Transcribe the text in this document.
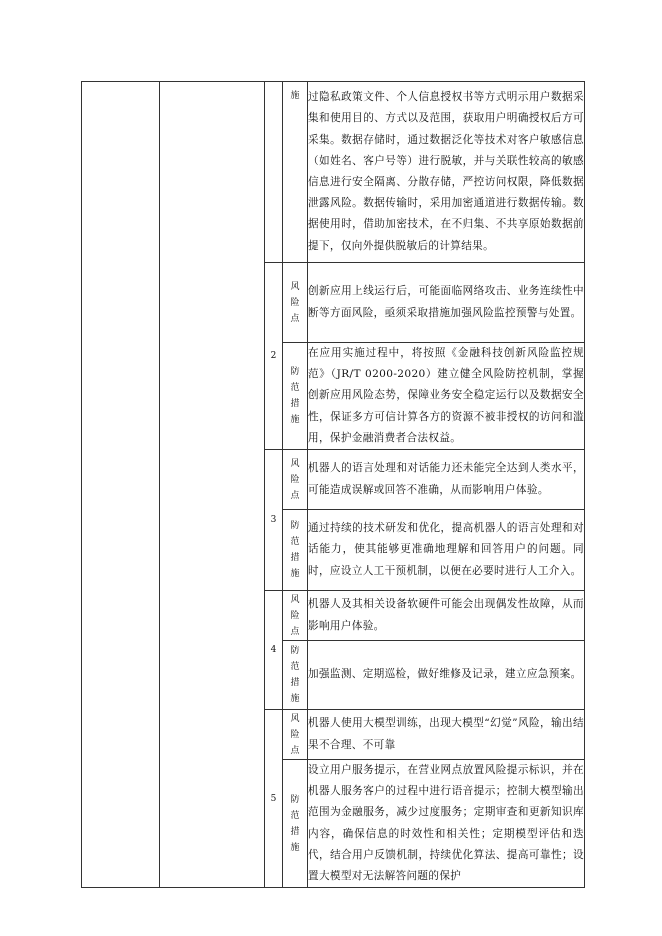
			施	过隐私政策文件、个人信息授权书等方式明示用户数据采集和使用目的、方式以及范围，获取用户明确授权后方可采集。数据存储时，通过数据泛化等技术对客户敏感信息（如姓名、客户号等）进行脱敏，并与关联性较高的敏感信息进行安全隔离、分散存储，严控访问权限，降低数据泄露风险。数据传输时，采用加密通道进行数据传输。数据使用时，借助加密技术，在不归集、不共享原始数据前提下，仅向外提供脱敏后的计算结果。
		2	风险点	创新应用上线运行后，可能面临网络攻击、业务连续性中断等方面风险，亟须采取措施加强风险监控预警与处置。

			防范措施	在应用实施过程中，将按照《金融科技创新风险监控规范》（JR/T 0200-2020）建立健全风险防控机制，掌握创新应用风险态势，保障业务安全稳定运行以及数据安全性，保证多方可信计算各方的资源不被非授权的访问和滥用，保护金融消费者合法权益。
		3	风险点	机器人的语言处理和对话能力还未能完全达到人类水平，可能造成误解或回答不准确，从而影响用户体验。

			防范措施	通过持续的技术研发和优化，提高机器人的语言处理和对话能力，使其能够更准确地理解和回答用户的问题。同时，应设立人工干预机制，以便在必要时进行人工介入。
		4	风险点	机器人及其相关设备软硬件可能会出现偶发性故障，从而影响用户体验。

			防范措施	加强监测、定期巡检，做好维修及记录，建立应急预案。
		5	风险点	机器人使用大模型训练，出现大模型“幻觉”风险，输出结果不合理、不可靠

			防范措施	设立用户服务提示，在营业网点放置风险提示标识，并在机器人服务客户的过程中进行语音提示；控制大模型输出范围为金融服务，减少过度服务；定期审查和更新知识库内容，确保信息的时效性和相关性；定期模型评估和迭代，结合用户反馈机制，持续优化算法、提高可靠性；设置大模型对无法解答问题的保护
